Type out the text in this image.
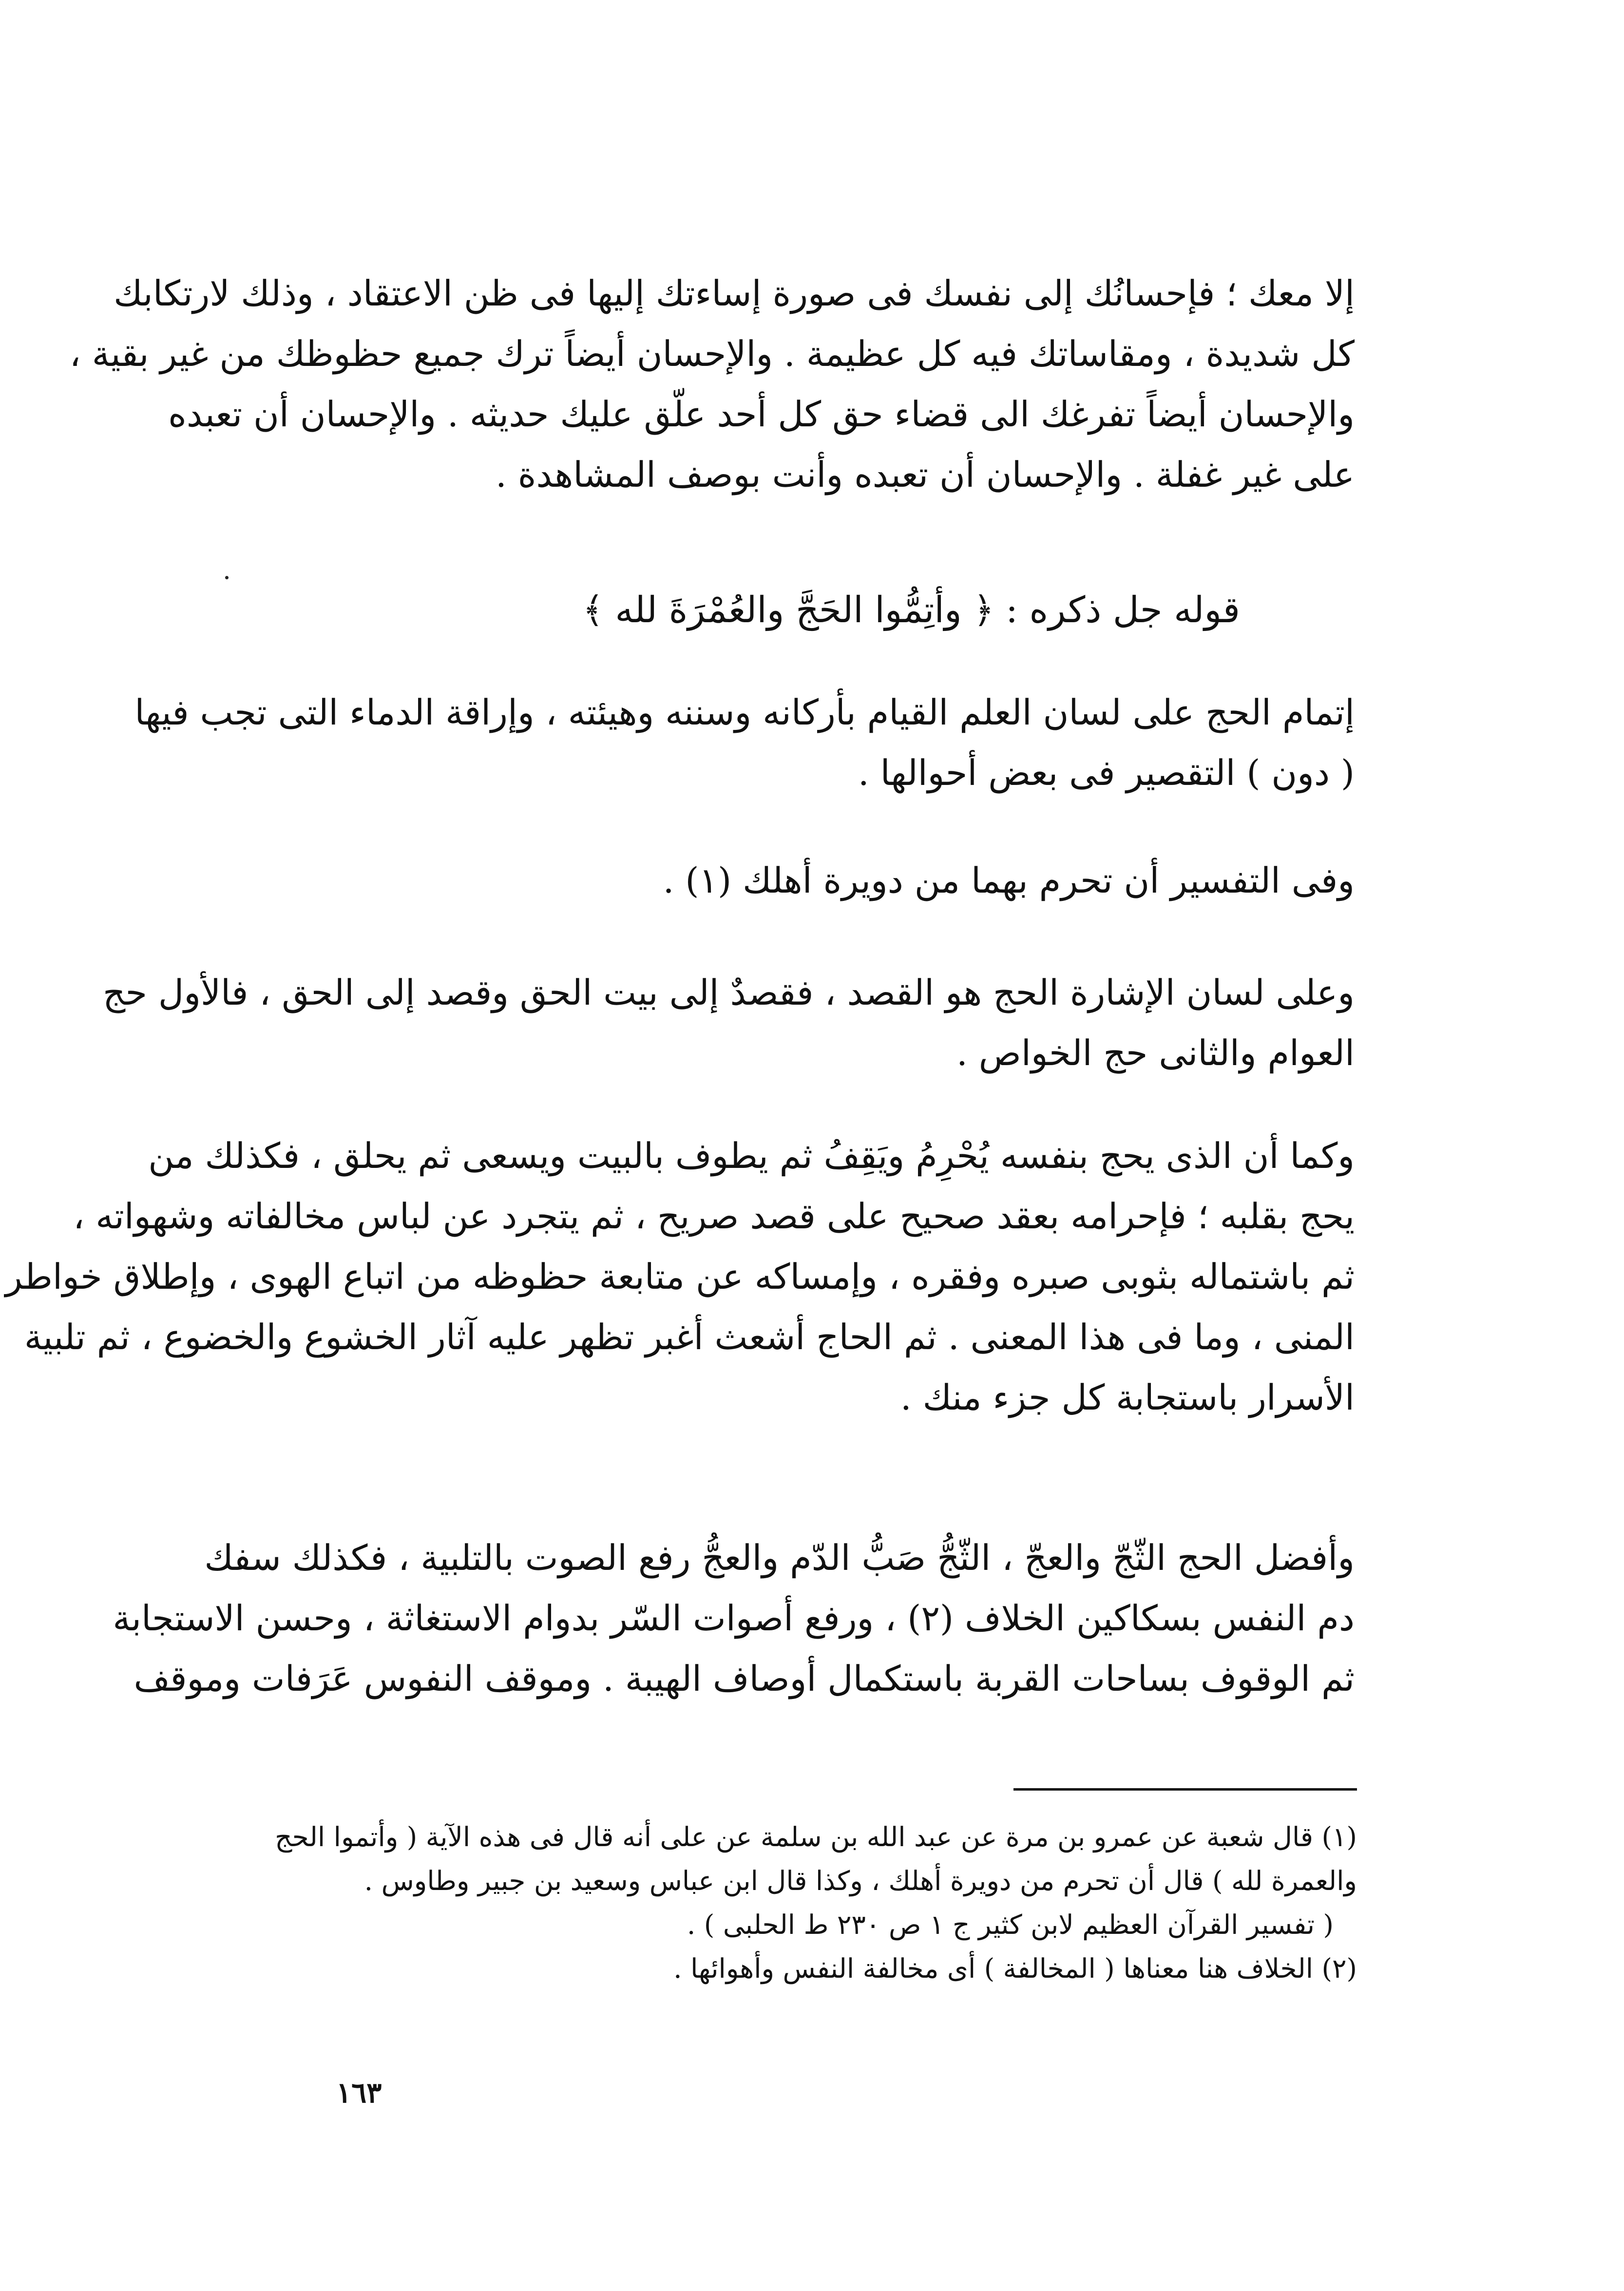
إلا معك ؛ فإحسانُك إلى نفسك فى صورة إساءتك إليها فى ظن الاعتقاد ، وذلك لارتكابك
كل شديدة ، ومقاساتك فيه كل عظيمة . والإحسان أيضاً ترك جميع حظوظك من غير بقية ،
والإحسان أيضاً تفرغك الى قضاء حق كل أحد علّق عليك حديثه . والإحسان أن تعبده
على غير غفلة . والإحسان أن تعبده وأنت بوصف المشاهدة .
قوله جل ذكره : ﴿ وأتِمُّوا الحَجَّ والعُمْرَةَ لله ﴾
إتمام الحج على لسان العلم القيام بأركانه وسننه وهيئته ، وإراقة الدماء التى تجب فيها
( دون ) التقصير فى بعض أحوالها .
وفى التفسير أن تحرم بهما من دويرة أهلك (١) .
وعلى لسان الإشارة الحج هو القصد ، فقصدٌ إلى بيت الحق وقصد إلى الحق ، فالأول حج
العوام والثانى حج الخواص .
وكما أن الذى يحج بنفسه يُحْرِمُ ويَقِفُ ثم يطوف بالبيت ويسعى ثم يحلق ، فكذلك من
يحج بقلبه ؛ فإحرامه بعقد صحيح على قصد صريح ، ثم يتجرد عن لباس مخالفاته وشهواته ،
ثم باشتماله بثوبى صبره وفقره ، وإمساكه عن متابعة حظوظه من اتباع الهوى ، وإطلاق خواطر
المنى ، وما فى هذا المعنى . ثم الحاج أشعث أغبر تظهر عليه آثار الخشوع والخضوع ، ثم تلبية
الأسرار باستجابة كل جزء منك .
وأفضل الحج الثّجّ والعجّ ، الثّجُّ صَبُّ الدّم والعجُّ رفع الصوت بالتلبية ، فكذلك سفك
دم النفس بسكاكين الخلاف (٢) ، ورفع أصوات السّر بدوام الاستغاثة ، وحسن الاستجابة
ثم الوقوف بساحات القربة باستكمال أوصاف الهيبة . وموقف النفوس عَرَفات وموقف
(١) قال شعبة عن عمرو بن مرة عن عبد الله بن سلمة عن على أنه قال فى هذه الآية ( وأتموا الحج
والعمرة لله ) قال أن تحرم من دويرة أهلك ، وكذا قال ابن عباس وسعيد بن جبير وطاوس .
( تفسير القرآن العظيم لابن كثير ج ١ ص ٢٣٠ ط الحلبى ) .
(٢) الخلاف هنا معناها ( المخالفة ) أى مخالفة النفس وأهوائها .
١٦٣
